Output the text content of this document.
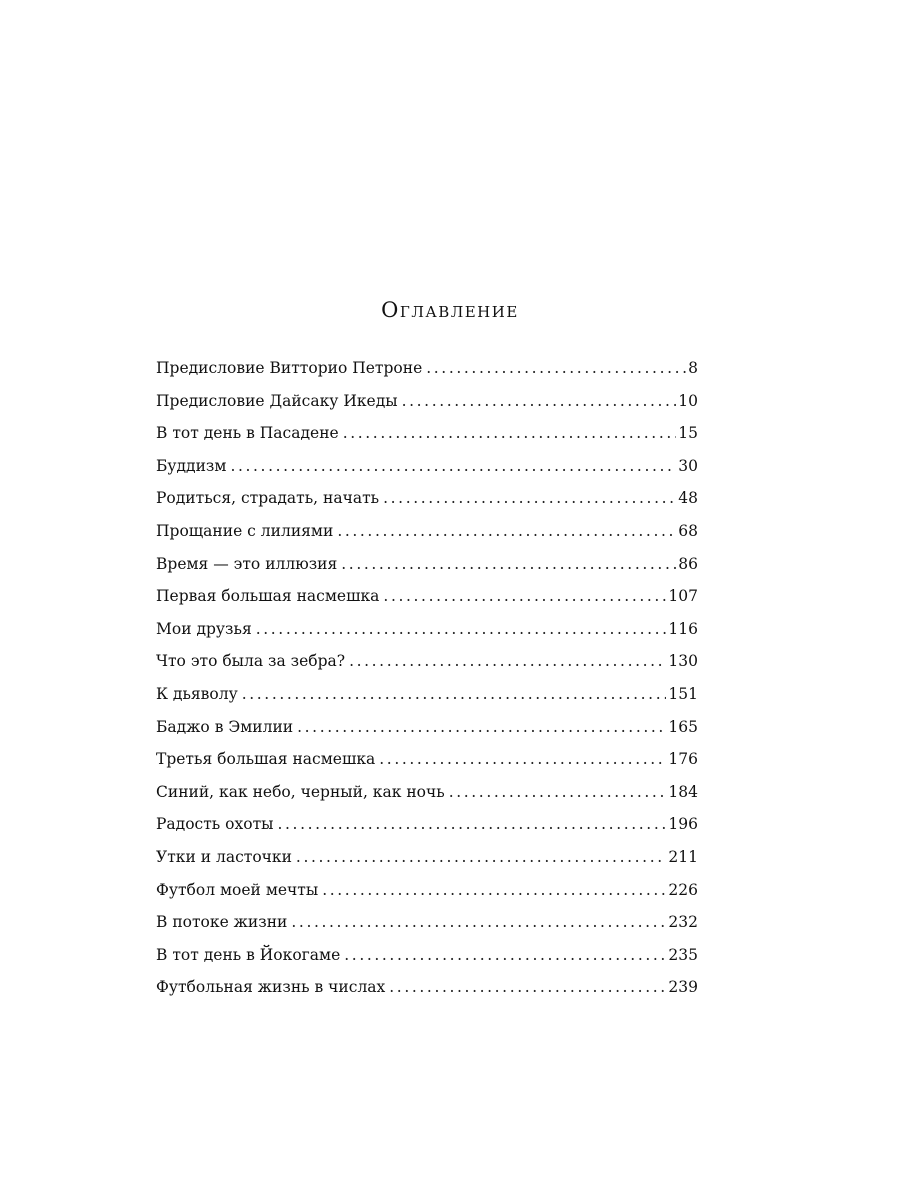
Оглавление
Предисловие Витторио Петроне .....	8
Предисловие Дайсаку Икеды .....	10
В тот день в Пасадене .....	15
Буддизм .....	30
Родиться, страдать, начать .....	48
Прощание с лилиями .....	68
Время — это иллюзия .....	86
Первая большая насмешка .....	107
Мои друзья .....	116
Что это была за зебра? .....	130
К дьяволу .....	151
Баджо в Эмилии .....	165
Третья большая насмешка .....	176
Синий, как небо, черный, как ночь .....	184
Радость охоты .....	196
Утки и ласточки .....	211
Футбол моей мечты .....	226
В потоке жизни .....	232
В тот день в Йокогаме .....	235
Футбольная жизнь в числах .....	239
